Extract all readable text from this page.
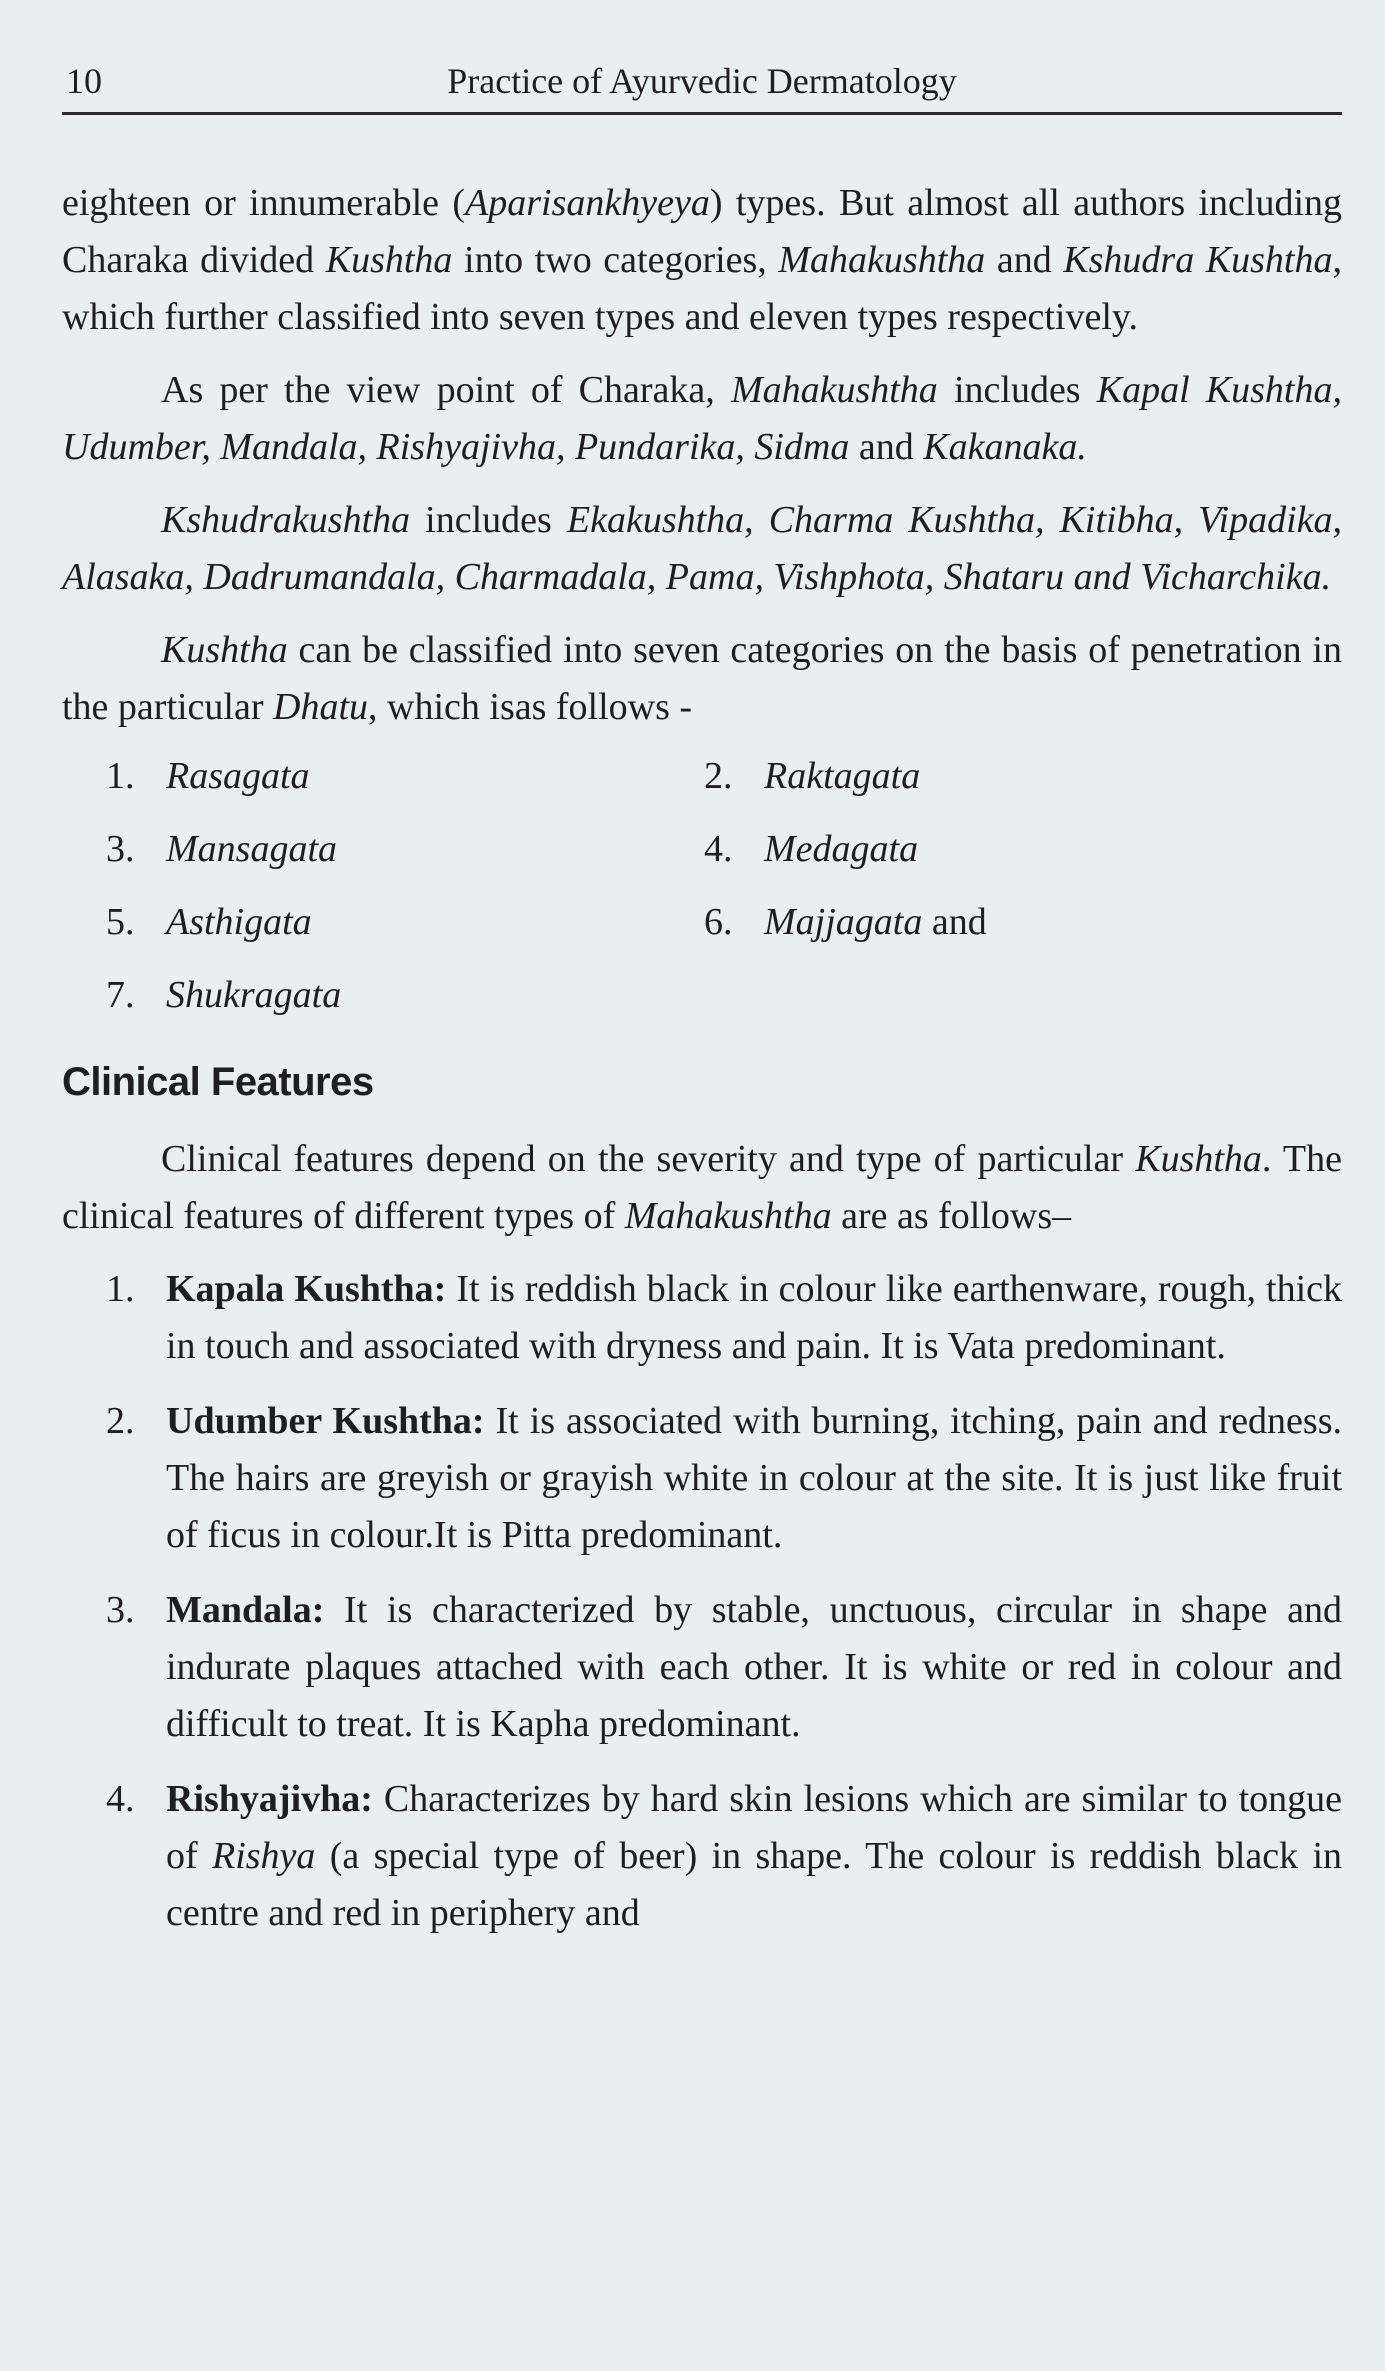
10	Practice of Ayurvedic Dermatology

eighteen or innumerable (Aparisankhyeya) types. But almost all authors including Charaka divided Kushtha into two categories, Mahakushtha and Kshudra Kushtha, which further classified into seven types and eleven types respectively.

As per the view point of Charaka, Mahakushtha includes Kapal Kushtha, Udumber, Mandala, Rishyajivha, Pundarika, Sidma and Kakanaka.

Kshudrakushtha includes Ekakushtha, Charma Kushtha, Kitibha, Vipadika, Alasaka, Dadrumandala, Charmadala, Pama, Vishphota, Shataru and Vicharchika.

Kushtha can be classified into seven categories on the basis of penetration in the particular Dhatu, which isas follows -

1. Rasagata	2. Raktagata
3. Mansagata	4. Medagata
5. Asthigata	6. Majjagata and
7. Shukragata
Clinical Features

Clinical features depend on the severity and type of particular Kushtha. The clinical features of different types of Mahakushtha are as follows–

1. Kapala Kushtha: It is reddish black in colour like earthenware, rough, thick in touch and associated with dryness and pain. It is Vata predominant.
2. Udumber Kushtha: It is associated with burning, itching, pain and redness. The hairs are greyish or grayish white in colour at the site. It is just like fruit of ficus in colour.It is Pitta predominant.
3. Mandala: It is characterized by stable, unctuous, circular in shape and indurate plaques attached with each other. It is white or red in colour and difficult to treat. It is Kapha predominant.
4. Rishyajivha: Characterizes by hard skin lesions which are similar to tongue of Rishya (a special type of beer) in shape. The colour is reddish black in centre and red in periphery and
